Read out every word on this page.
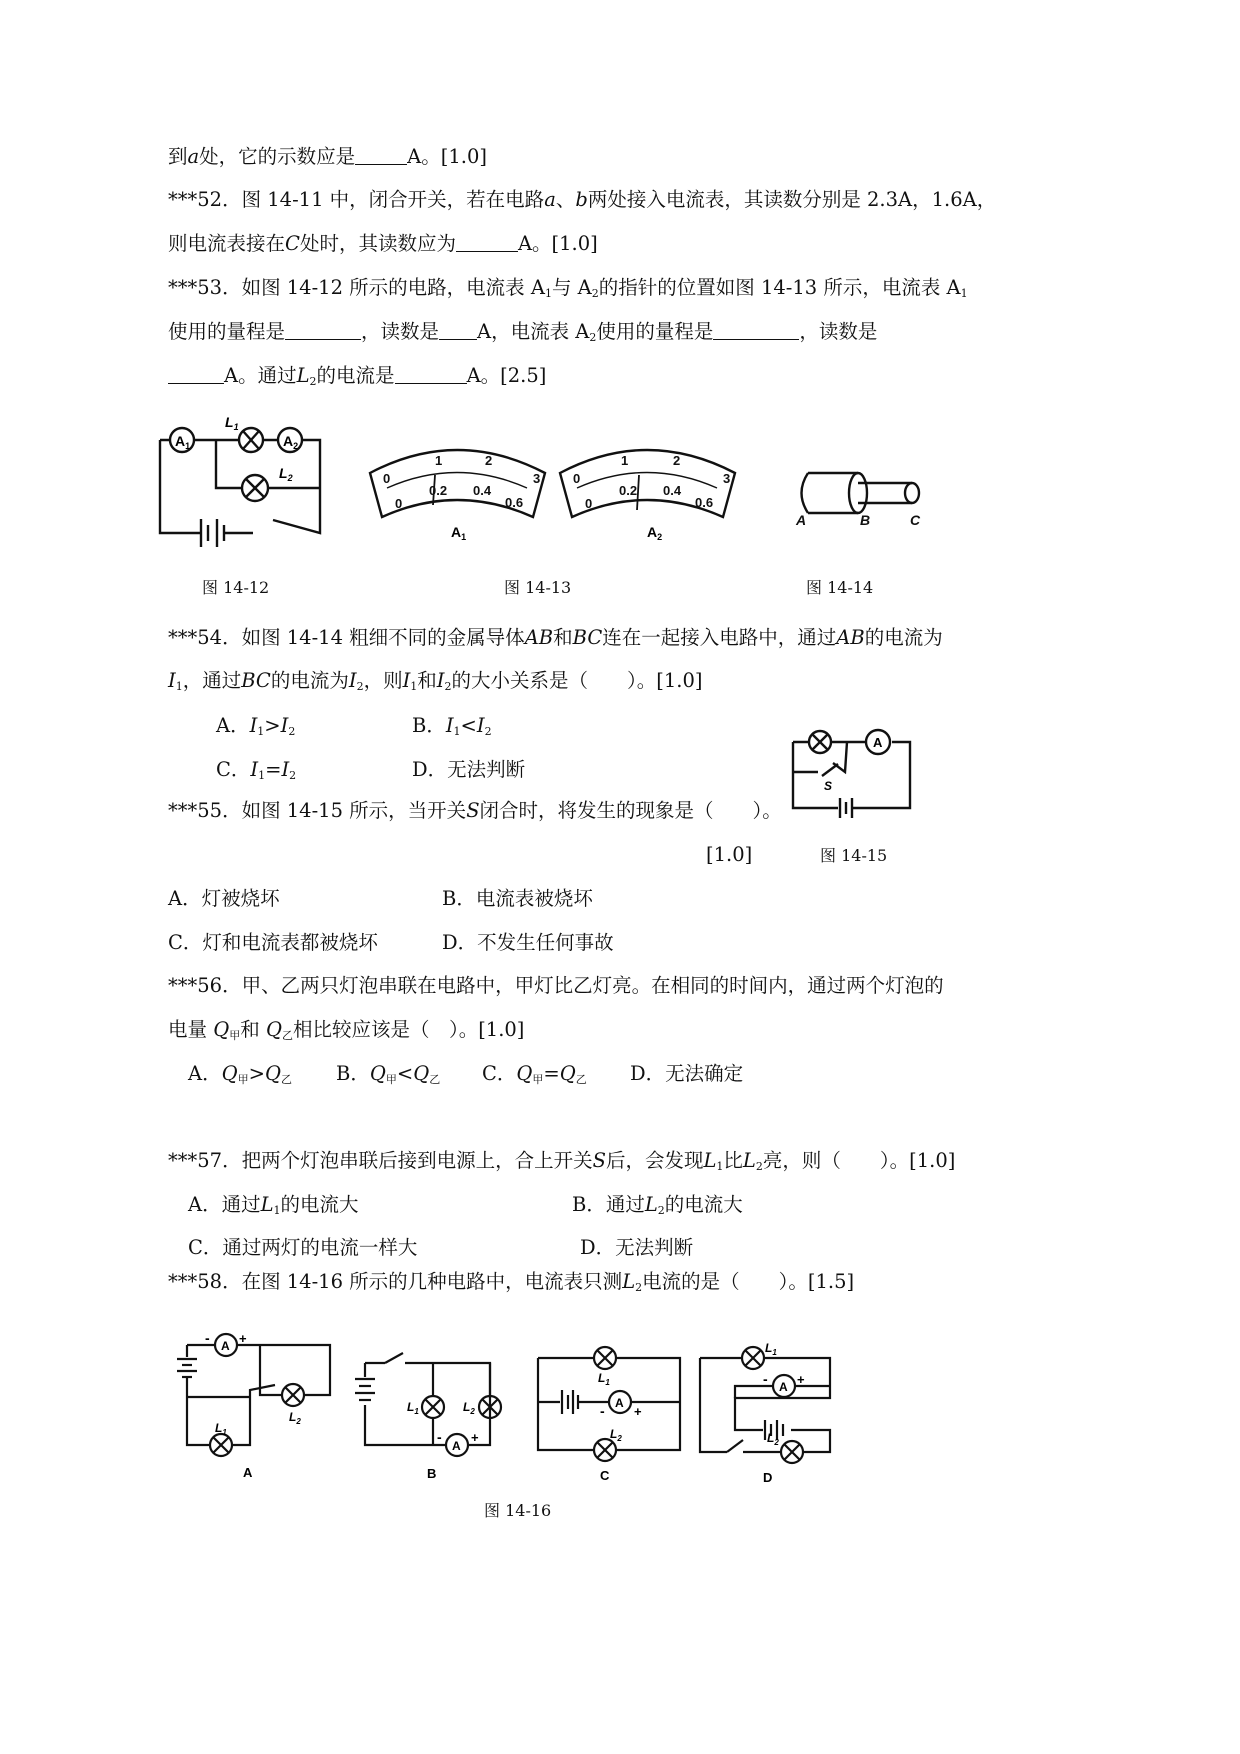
到a处，它的示数应是	A。[1.0]
***52．图 14-11 中，闭合开关，若在电路a、b两处接入电流表，其读数分别是 2.3A，1.6A，
则电流表接在C处时，其读数应为	A。[1.0]
***53．如图 14-12 所示的电路，电流表 $A_1$与 $A_2$的指针的位置如图 14-13 所示，电流表 $A_1$
使用的量程是	，读数是 A，电流表 $A_2$使用的量程是	，读数是
A。通过$L_2$的电流是	A。[2.5]
$A_1$	$A_2$
$L_1$
$L_2$
图 14-12
0
1	2
3
0
0.2 0.4
0.6
0
1	2
3
0
0.2 0.4
0.6
$A_1$	$A_2$
图 14-13
A	B	C
图 14-14
***54．如图 14-14 粗细不同的金属导体AB和BC连在一起接入电路中，通过AB的电流为
$I_1$，通过BC的电流为$I_2$，则$I_1$和$I_2$的大小关系是（　　）。[1.0]
A．$I_1>I_2$	B．$I_1<I_2$
C．$I_1=I_2$	D．无法判断
A
S
图 14-15
***55．如图 14-15 所示，当开关S闭合时，将发生的现象是（　　）。
[1.0]
A．灯被烧坏	B．电流表被烧坏
C．灯和电流表都被烧坏	D．不发生任何事故
***56．甲、乙两只灯泡串联在电路中，甲灯比乙灯亮。在相同的时间内，通过两个灯泡的
电量 $Q_甲$和 $Q_乙$相比较应该是（　）。[1.0]
A．$Q_甲>Q_乙$ B．$Q_甲<Q_乙$ C．$Q_甲=Q_乙$ D．无法确定
***57．把两个灯泡串联后接到电源上，合上开关S后，会发现$L_1$比$L_2$亮，则（　　）。[1.0]
A．通过$L_1$的电流大	B．通过$L_2$的电流大
C．通过两灯的电流一样大	D．无法判断
***58．在图 14-16 所示的几种电路中，电流表只测$L_2$电流的是（　　）。[1.5]
A
- +
$L_1$
$L_2$
A
A
- +
$L_1$	$L_2$
B
A
- +
$L_1$
$L_2$
C
A
- +
$L_1$
$L_2$
D
图 14-16
